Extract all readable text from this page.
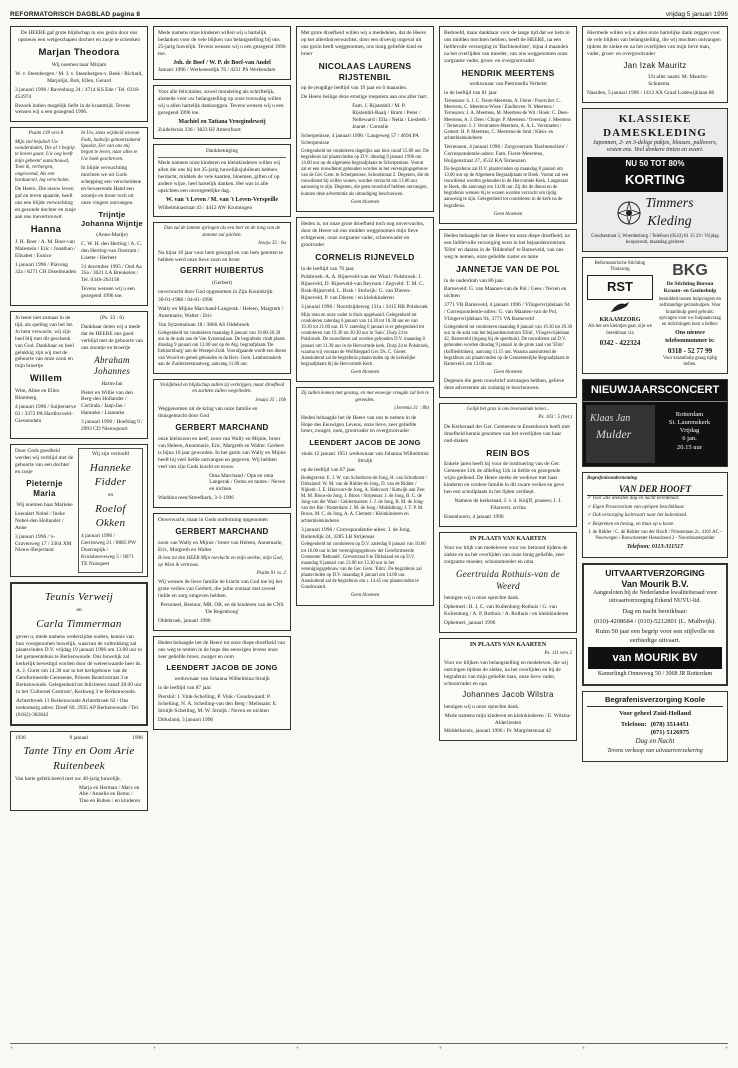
REFORMATORISCH DAGBLAD pagina 8	vrijdag 5 januari 1996

De HEERE gaf grote blijdschap in ons gezin door ons opnieuw een welgeschapen dochter en zusje te schenken

Marjan Theodora

Wij noemen haar Mirjam

W. v. Steenbergen / M. J. v. Steenbergen-v. Beek / Richard, Marjolijn, Bob, Ellen, Gerard

3 januari 1996 / Ravenburg 24 / 4714 KS Ede / Tel. 0318-453974

Bezoek indien mogelijk liefst in de kraamtijd. Tevens wensen wij u een gezegend 1996.

Psalm 139 vers 8

Mijn ziel bejubelt Uw wonderdaden, Die al 't begrip te boven gaan; Uw oog heeft mijn gebeent' aanschouwd, Toen ik, verborgen, ongevormd, Als een borduursel, lag verscholen.

De Heere, Die nieuw leven gaf en leven spaarde, heeft ons een blijde verwachting en gezonde dochter en zusje aan ons toevertrouwd

Hanna

J. H. Boer / A. M. Boer-van Malestein / Eric / Jonathan / Elisabet / Eunice

1 januari 1996 / Plavong 32a / 8271 CH IJsselmuiden

In Uw, ziens wijsheid wierom Fuds, hadwijn gehoortsakend Spaalst, Eer van ons mij begon te leven, naar alles te Uw boek geschreven.

In blijde verwachting mochten we uit Gods schepping een verscheidene en bevaerende Hand een zoontje en broer toch uit onze vingers ontvangen.

Trijntje Johanna Wijntje

(Anne-Marije)

C. W. H. den Herting / A. C. den Herting-van Oostrum / Lisette / Herbert

31 december 1995 / Oud Aa 35a / 3621 LA Breukelen / Tel. 0346-263158

Tevens wensen wij u een gezegend 1996 toe.

Jo leent niet zomaar in de tijd, als speling van het lot. Jo bent verwacht, wij zijn heel blij met dit geschenk van God. Dankbaar en heel gelukkig zijn wij met de geboorte van onze zoon en mijn broertje

Willem

Wim, Aline en Ellen Blomberg

4 januari 1996 / Suijterserve 63 / 3372 PA Hardinxveld-Giessendam

(Ps. 33 : 6)

Dankbaar delen wij u mede dat de HEERE ons goed verblijd met de geboorte van ons zoontje en broertje

Abraham Johannes

Harm-Jan

Pieter en Willie van den Berg-den Hollander / Corlinda / Jaap-Jan / Hanneke / Lianneke

3 januari 1996 / Hoefslag 9 / 2993 CD Nieuwpoort

Door Gods goedheid werden wij verblijd met de geboorte van een dochter en zusje

Pieternje Maria

Wij noemen haar Marieke

Leendert Nobel / Ineke Nobel-den Hollander / Anne

3 januari 1996 / 's-Gravenweg 17 / 3364 XM Nieuw-Beijerland

Wij zijn verloofd

Hanneke Fidder

en

Roelof Okken

4 januari 1996 / Gerritsweg 21 / 8085 PW Doornspijk / Kruishoeveweg 5 / 8071 TE Nunspeet

Teunis Verweij

en

Carla Timmerman

geven u, mede namens wederzijdse ouders, kennis van hun voorgenomen huwelijk, waarvan de voltrekking zal plaatsvinden D.V. vrijdag 19 januari 1996 om 13.00 uur in het gemeentehuis te Berkenwoude. Ons huwelijk zal kerkelijk bevestigd worden door de weleerwaarde heer ds. A. J. Guret om 14.30 uur in het kerkgebouw van de Gereformeerde Gemeente, Prinses Beatrixstraat 3 te Berkenwoude. Gelegenheid tot feliciteren vanaf 20.00 uur in het 'Cultureel Centrum', Kerkweg 3 te Berkenwoude.

Achterbroek 11 Berkenwoude Achterbroek 62 / Ons toekomstig adres: Dreef 60, 2935 AP Berkenwoude / Tel. (0182)-382842

1936	9 januari	1996
Tante Tiny en Oom Arie Ruitenbeek

Van harte gefeliciteerd met uw 40-jarig huwelijk.

Marja en Herman / Mary en Abe / Annelie en Remo / Tine en Ruben / en kinderen

Mede namens onze kinderen willen wij u hartelijk bedanken voor de vele blijken van belangstelling bij ons 25-jarig huwelijk. Tevens wensen wij u een gezegend 1996 toe.

Joh. de Boef / W. P. de Boef-van Andel

Januari 1996 / Werkenesdijk 76 / 4251 PS Werkendam

Voor alle felicitaties, zowel mondeling als schriftelijk, alsmede voor uw belangstelling op onze trouwdag willen wij u allen hartelijk dankzeggen. Tevens wensen wij u een gezegend 1996 toe.

Machiel en Tatiana Vroegindeweij

Zuiderkruis 336 / 3823 HJ Amersfoort

Dankbetuiging

Mede namens onze kinderen en kleinkinderen willen wij allen die ons bij het 35-jarig huwelijksjubileum hebben herdacht, middels de vele kaarten, bloemen, giften of op andere wijze, heel hartelijk danken. Het was in alle opzichten een onvergetelijke dag.

W. van 't Leven / M. van 't Leven-Verspeille

Wilhelminastraat 43 / 4412 AW Kruiningen

Dan zal de lamme springen als een hert en de tong van de stomme zal juichen.

Jesaja 35 : 6a

Na bijna 10 jaar voor hem gezorgd en van hem genoten te hebben werd onze lieve zoon en broer

GERRIT HUIBERTUS

(Gerbert)

onverwacht door God opgenomen in Zijn Koninkrijk.

30-01-1986 / 04-01-1996

Wally en Mijnie Marchand-Langerak / Heleen, Margreth / Annemarie, Walter / Eric

Van Sytzemaloan 18 / 3866 AS Oldebroek

Gelegenheid tot condoleren maandag 8 januari van 19.00-20.30 uur in de aula aan de Van Sytzemalaan. De begrafenis vindt plaats dinsdag 9 januari om 12.00 uur op de Alg. begraafplaats 'De Eekhornburg' aan de Wezepe-Zuid. Voorafgaande wordt een dienst van Woord en gebed gehouden in de Herv. Gem. Lambertuskerk aan de Zuiderzeestraatweg, aanvang 11.00 uur.

Vrolijkheid en blijdschap zullen zij verkrijgen, maar droefheid en zuchten zullen wegvlieden.

Jesaja 35 : 10b

Weggenomen uit de kring van onze familie en thuisgebracht door God

GERBERT MARCHAND

onze kleinzoon en neef, zoon van Wally en Mijnie, broer van Heleen, Annemarie, Eric, Margreth en Walter. Gerbert is bijna 10 jaar geworden. In het gezin van Wally en Mijnie heeft hij veel liefde ontvangen en gegeven. Wij hebben veel van zijn Gods kracht en trouw.

Oma Marchand / Opa en oma Langerak / Ooms en tantes / Neven en nichten

Waddinxveen/Streefkerk, 3-1-1996

Onverwacht, maar in Gods ontferming opgenomen

GERBERT MARCHAND

zoon van Wally en Mijnie / broer van Heleen, Annemarie, Eric, Margreth en Walter

Ik ben tot den HEER Mijn toevlucht en mijn sterkte, mijn God, op Wien ik vertrouw.

Psalm 91 vs. 2

Wij wensen de lieve familie de kracht van God toe bij het grote verlies van Gerbert, die jullie zomaar met zoveel liefde en zorg omgeven hebben.

Personeel, Bestuur, MR, OR, en de kinderen van de CNS 'De Regenboog'

Oldebroek, januari 1996

Heden behaagde het de Heere tot onze diepe droefheid van ons weg te nemen in de hope des eeuwigen levens onze zeer geliefde broer, zwager en oom

LEENDERT JACOB DE JONG

weduwnaar van Johanna Wilhelmina Struijk

in de leeftijd van 87 jaar.

Piershil: J. Vink-Schelling, P. Vink / Goudswaard: P. Schelling, N. A. Schelling-van den Berg / Melissant: E. Struijk-Schelling, M. W. Struijk / Neven en nichten

Dirksland, 3 januari 1996

Met grote droefheid willen wij u mededelen, dat de Heere op het allerdonverwachtst, door een droevig ongeval uit ons gezin heeft weggenomen, ons innig geliefde kind en broer

NICOLAAS LAURENS RIJSTENBIL

op de jeugdige leeftijd van 19 jaar en 6 maanden.

De Heere heilige deze ernstige roepstem aan ons aller hart.

Fam. J. Rijstenbil / M. P. Rijstenbil-Baalj / Bram / Peter / Nelleward / Ella / Nelia / Liesbeth / Jeanet / Cornelie

Scherpenisse, 4 januari 1996 / Langeweg 57 / 4694 PA Scherpenisse

Gelegenheid tot condoleren dagelijks aan huis vanaf 15.00 uur. De begrafenis zal plaatsvinden op D.V. dinsdag 9 januari 1996 om 14.00 uur op de algemene begraafplaats te Scherpenisse. Voorat zal er een rouwdienst gehouden worden in het verenigingsgebouw van de Ger. Gem. te Scherpenisse, Schoolstraat 2. Degenen, die de rouwdienst bij willen wonen, worden verzocht om 13.00 uur aanwezig te zijn. Degenen, die geen rouwbrief hebben ontvangen, kunnen deze advertentie als uitnodiging beschouwen.

Geen bloemen

Heden is, tot onze grote droefheid toch nog onverwachts, door de Heere uit ons midden weggenomen mijn lieve echtgenoot, onze zorgzame vader, schoonvader en grootvader

CORNELIS RIJNEVELD

in de leeftijd van 76 jaar.

Polsbroek: A. A. Rijneveld-van der Wind / Polsbroek: J. Rijneveld, D. Rijneveld-van Beynum / Zegveld: T. M. C. Brak-Rijneveld, L. Brak / Stolwijk: G. van Dieren-Rijneveld, P. van Dieren / en kleinkinderen

3 januari 1996 / Noordzijdeweg 131a / 3415 RB Polsbroek

Mijn man en onze vader is thuis opgebaard. Gelegenheid tot condoleren zaterdag 6 januari van 14.30 tot 16.30 uur en van 19.30 tot 21.00 uur. D.V. zaterdag 6 januari is er gelegenheid tot condoleren van 19.30 tot 20.30 uur in 'Salo', Dorp 24 te Polsbroek. De rouwdienst zal worden gehouden D.V. maandag 8 januari om 11.30 uur in de Hervormde kerk, Dorp 24 te Polsbroek, waarna wij vooraan de Wolfsleppad Ger. Ds. C. Gieter. Aansluitend zal de begrafenis plaatsvinden op de kerkelijke begraafplaats bij de Hervormde Kerk.

Geen bloemen

Zij zullen komen met gezang, en met eeuwige vreugde zal hen te gereeden.

(Jeremia 31 : 8b)

Heden behaagde het de Heere van ons te nemen in de Hope des Eeuwigen Levens, onze lieve, zeer geliefde broer, zwager, oom, grootvader en overgrootvader

LEENDERT JACOB DE JONG

sinds 12 januari 1951 weduwnaar van Johanna Wilhelmina Struijk

op de leeftijd van 87 jaar.

Bodegraven: E. J. W. van Schothorst-de Jong, H. van Schothorst / Dirksland: W. M. van de Ridder-de Jong, D. van de Ridder / Nijkerk: J. E. Hakvoort-de Jong, A. Hakvoort / Katwijk aan Zee: M. M. Bloos-de Jong, J. Bloos / Strijensas: J. de Jong, B. C. de Jong-van der Waal / Geldermalsen: J. J. de Jong, B. M. de Jong-van der Bie / Rotterdam: J. M. de Jong / Middelburg: J. T. P. M. Broos, M. C. de Jong, A. A. Clement / Kleinkinderen en achterkleinkinderen

3 januari 1996 / Correspondentie-adres: J. de Jong, Buitendijk 24, 3285 LB Strijensas

Gelegenheid tot condoleren op D.V. zaterdag 6 januari van 10.00 tot 16.00 uur in het verenigingsgebouw der Gereformeerde Gemeente 'Bethanië', Grevestraat 8 te Dirksland en op D.V. maandag 8 januari van 13.00 tot 13.30 uur in het verenigingsgebouw van de Ger. Gem. 'Elim'. De begrafenis zal plaatsvinden op D.V. maandag 8 januari om 14.00 uur. Aansluitend zal de begrafenis om ± 14.45 uur plaatsvinden te Goudswaard.

Geen bloemen

Bedroefd, maar dankbaar voor de lange tijd dat we hem in ons midden mochten hebben, heeft de HEERE, na een liefdevolle verzorging in 'Bachtenoliste', bijna 4 maanden na het overlijden van moeder, van ons weggenomen onze zorgzame vader, groot- en overgrootvader

HENDRIK MEERTENS

weduwnaar van Pietronella Verhelst

in de leeftijd van 81 jaar.

Terneuzen: S. J. C. Fieret-Meertens, A. Fieret / Poortvliet: C. Meertens, C. Meertens-Wisse / Eindhoven: N. Meertens / Terneuzen: J. A. Meertens, M. Meertens-de Wit / Hoek: C. Dees-Meertens, A. J. Dees / Clinge: P. Meertens / Overslag: J. Meertens / Terneuzen: J. J. Verstraeten-Meertens, A. A. L. Verstraeten / Gemert: H. P. Meertens, C. Meertens-de Smit / Klein- en achterkleinkinderen

Terneuzen, 4 januari 1996 / Zorgcentrum 'Bachtenoliste' / Correspondentie-adres: Fam. Fieret-Meertens, Huijgenstraat 27, 4532 KA Terneuzen

De begrafenis zal D.V. plaatsvinden op maandag 8 januari om 13.00 uur op de Algemene Begraafplaats te Hoek. Voorat zal een rouwdienst worden gehouden in de Hervormde Kerk, Langstraat te Hoek, die aanvangt om 14.00 uur. Zij die de dienst en de begrafenis wensen bij te wonen worden verzocht om tijdig aanwezig te zijn. Gelegenheid tot condoleren in de kerk na de begrafenis.

Geen bloemen

Heden behaagde het de Heere tot onze diepe droefheid, na een liefdevolle verzorging eerst in het bejaardencentrum 'Elim' en daarna in de 'Bildenhof' te Barneveld, van ons weg te nemen, onze geliefde zuster en tante

JANNETJE VAN DE POL

in de ouderdom van 86 jaar.

Barneveld: G. van Maanen-van de Pol / Gees / Neven en nichten

3771 VB Barneveld, 4 januari 1996 / Vlingervrijdelaan 94 / Correspondentie-adres: G. van Maanen-van de Pol, Vlingervrijdelaan 94, 3771 VA Barneveld

Gelegenheid tot condoleren maandag 8 januari van 19.30 tot 20.30 uur in de aula van het bejaardencentrum 'Elim', Vlingervrijdelaan 42, Barneveld (ingang bij de speeltuin). De rouwdienst zal D.V. gehouden worden dinsdag 9 januari in de grote zaal van 'Elim' (koffiedrinken), aanvang 11.15 uur. Waarna aansluitend de begrafenis zal plaatsvinden op de Gemeentelijke Begraafplaats te Barneveld, om 13.00 uur.

Geen bloemen

Degenen die geen rouwbrief ontvangen hebben, gelieve deze advertentie als zodanig te beschouwen.

Gelijk het gras is ons levenseinde lenen...

Ps. 103 : 5 (ber.)

De Kerkeraad der Ger. Gemeente te Ensenhoorn heeft met droefheid kennis genomen van het overlijden van haar oud-diaken

REIN BOS

Enkele jaren heeft hij voor de instituering van de Ger. Gemeente Urk de afdeling Urk in liefde en gezegende wijze gediend. De Heere sterke de weduwe met haar kinderen en verdere familie in dit zware verlies en geve hen een schuilplaats in het lijden verdiept.

Namens de kerkeraad, J. v. d. Knijff, praeses; J. J. Filarwert, scriba

Ensenhoorn, 4 januari 1996

IN PLAATS VAN KAARTEN

Voor uw blijk van medeleven voor uw betoond tijdens de ziekte en na het overlijden van onze innig geliefde, zeer zorgzame moeder, schoonmoeder en oma

Geertruida Rothuis-van de Weerd

betuigen wij u onze oprechte dank.

Ophemeri: H. J. C. van Kuilenburg-Rothuis / G. van Kuilenburg / A. P. Rothuis / A. Rothuis / en kleinkinderen

Ophemeri, januari 1996

IN PLAATS VAN KAARTEN

Ps. 111 vers 2

Voor uw blijken van belangstelling en medeleven, die wij ontvingen tijdens de ziekte, na het overlijden en bij de begrafenis van mijn geliefde man, onze lieve vader, schoonvader en opa

Johannes Jacob Wilstra

betuigen wij u onze oprechte dank.

Mede namens mijn kinderen en kleinkinderen / E. Wilstra-Alderliesten

Middelharnis, januari 1996 / Pr. Margrietstraat 42

Hiermede willen wij u allen onze hartelijke dank zeggen voor de vele blijken van belangstelling, die wij mochten ontvangen tijdens de ziekte en na het overlijden van mijn lieve man, vader, groot- en overgrootvader

Jan Izak Mauritz

Uit aller naam: M. Mauritz-Schutema

Naarden, 5 januari 1996 / 1412 AX Graaf Lodewijklaan 86

KLASSIEKE
DAMESKLEDING

Japonnen, 2- en 3-delige pakjes, blouses, pullovers, vesten enz. Veel donkere tinten en zwart.

NU 50 TOT 80%
KORTING
Timmers
Kleding

Goudsestraat 3, Woerdenburg / Telefoon (0543) 61 15 29 / Vrijdag koopavond, maandag gesloten

Reformatorische Stichting Thuiszorg

RST
KRAAMZORG

Als het om kleintjes gaat, zijn we bereikbaar via

0342 - 422324
BKG

De Stichting Bureau Kraam- en Gezinshulp

bemiddelt tussen hulpvragers en zelfstandige gezinshulpen. Voor kraamhulp goed gebruik: opvragen voor uw hulpaanvraag en inlichtingen kunt u bellen:

Ons nieuwe telefoonnummer is:

0318 - 52 77 99

Voor kraamhulp graag tijdig bellen.

NIEUWJAARSCONCERT
Klaas Jan
Mulder
Rotterdam
St. Laurenskerk
Vrijdag
6 jan.
20.15 uur

Begrafenisonderneming

VAN DER HOOFT

✓ Voor alle diensten dag en nacht bereikbaar.

✓ Eigen Prosectorium van oplopen beschikbaar.

✓ Ook verzorging luchtvaart naar het buitenland.

✓ Bespreken en beslag, en thuis op u koste.

J. de Ridder / C. de Ridder van der Hooft / Prinsenlaan 2c, 4101 AC - Noorwegen / Bouwmeester Hesselzoed 2 - Noordoosterpolder

Telefoon: 0113-311517

UITVAARTVERZORGING
Van Mourik B.V.

Aangesloten bij de Nederlandse kwaliteitsraad voor uitvaartverzorging Erkend NUVU-lid.

Dag en nacht bereikbaar:

(010)-4208684 / (010)-5212801 (L. Mulhvijk).

Ruim 50 jaar een begrip voor een stijlvolle en eerbiedige uitvaart.

van MOURIK BV

Kamerlingh Onnesweg 50 / 3068 JR Rotterdam

Begrafenisverzorging Koole

Voor geheel Zuid-Holland

Telefoon: (078) 3514451
(071) 5126975

Dag en Nacht

Tevens verkoop van uitvaartverzekering

+	+	+	+	+	+
